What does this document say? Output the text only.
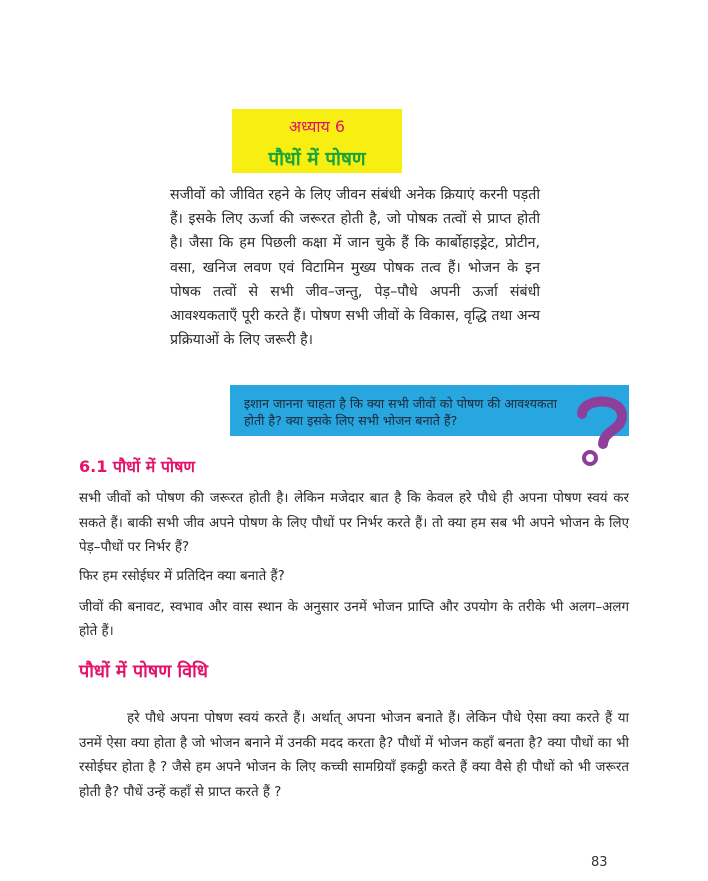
अध्याय 6
पौधों में पोषण
सजीवों को जीवित रहने के लिए जीवन संबंधी अनेक क्रियाएं करनी पड़ती हैं। इसके लिए ऊर्जा की जरूरत होती है, जो पोषक तत्वों से प्राप्त होती है। जैसा कि हम पिछली कक्षा में जान चुके हैं कि कार्बोहाइड्रेट, प्रोटीन, वसा, खनिज लवण एवं विटामिन मुख्य पोषक तत्व हैं। भोजन के इन पोषक तत्वों से सभी जीव–जन्तु, पेड़–पौधे अपनी ऊर्जा संबंधी आवश्यकताएँ पूरी करते हैं। पोषण सभी जीवों के विकास, वृद्धि तथा अन्य प्रक्रियाओं के लिए जरूरी है।
इशान जानना चाहता है कि क्या सभी जीवों को पोषण की आवश्यकता होती है? क्या इसके लिए सभी भोजन बनाते हैं?
6.1 पौधों में पोषण
सभी जीवों को पोषण की जरूरत होती है। लेकिन मजेदार बात है कि केवल हरे पौधे ही अपना पोषण स्वयं कर सकते हैं। बाकी सभी जीव अपने पोषण के लिए पौधों पर निर्भर करते हैं। तो क्या हम सब भी अपने भोजन के लिए पेड़–पौधों पर निर्भर हैं?
फिर हम रसोईघर में प्रतिदिन क्या बनाते हैं?
जीवों की बनावट, स्वभाव और वास स्थान के अनुसार उनमें भोजन प्राप्ति और उपयोग के तरीके भी अलग–अलग होते हैं।
पौधों में पोषण विधि
हरे पौधे अपना पोषण स्वयं करते हैं। अर्थात् अपना भोजन बनाते हैं। लेकिन पौधे ऐसा क्या करते हैं या उनमें ऐसा क्या होता है जो भोजन बनाने में उनकी मदद करता है? पौधों में भोजन कहाँ बनता है? क्या पौधों का भी रसोईघर होता है ? जैसे हम अपने भोजन के लिए कच्ची सामग्रियाँ इकट्ठी करते हैं क्या वैसे ही पौधों को भी जरूरत होती है? पौधें उन्हें कहाँ से प्राप्त करते हैं ?
83
